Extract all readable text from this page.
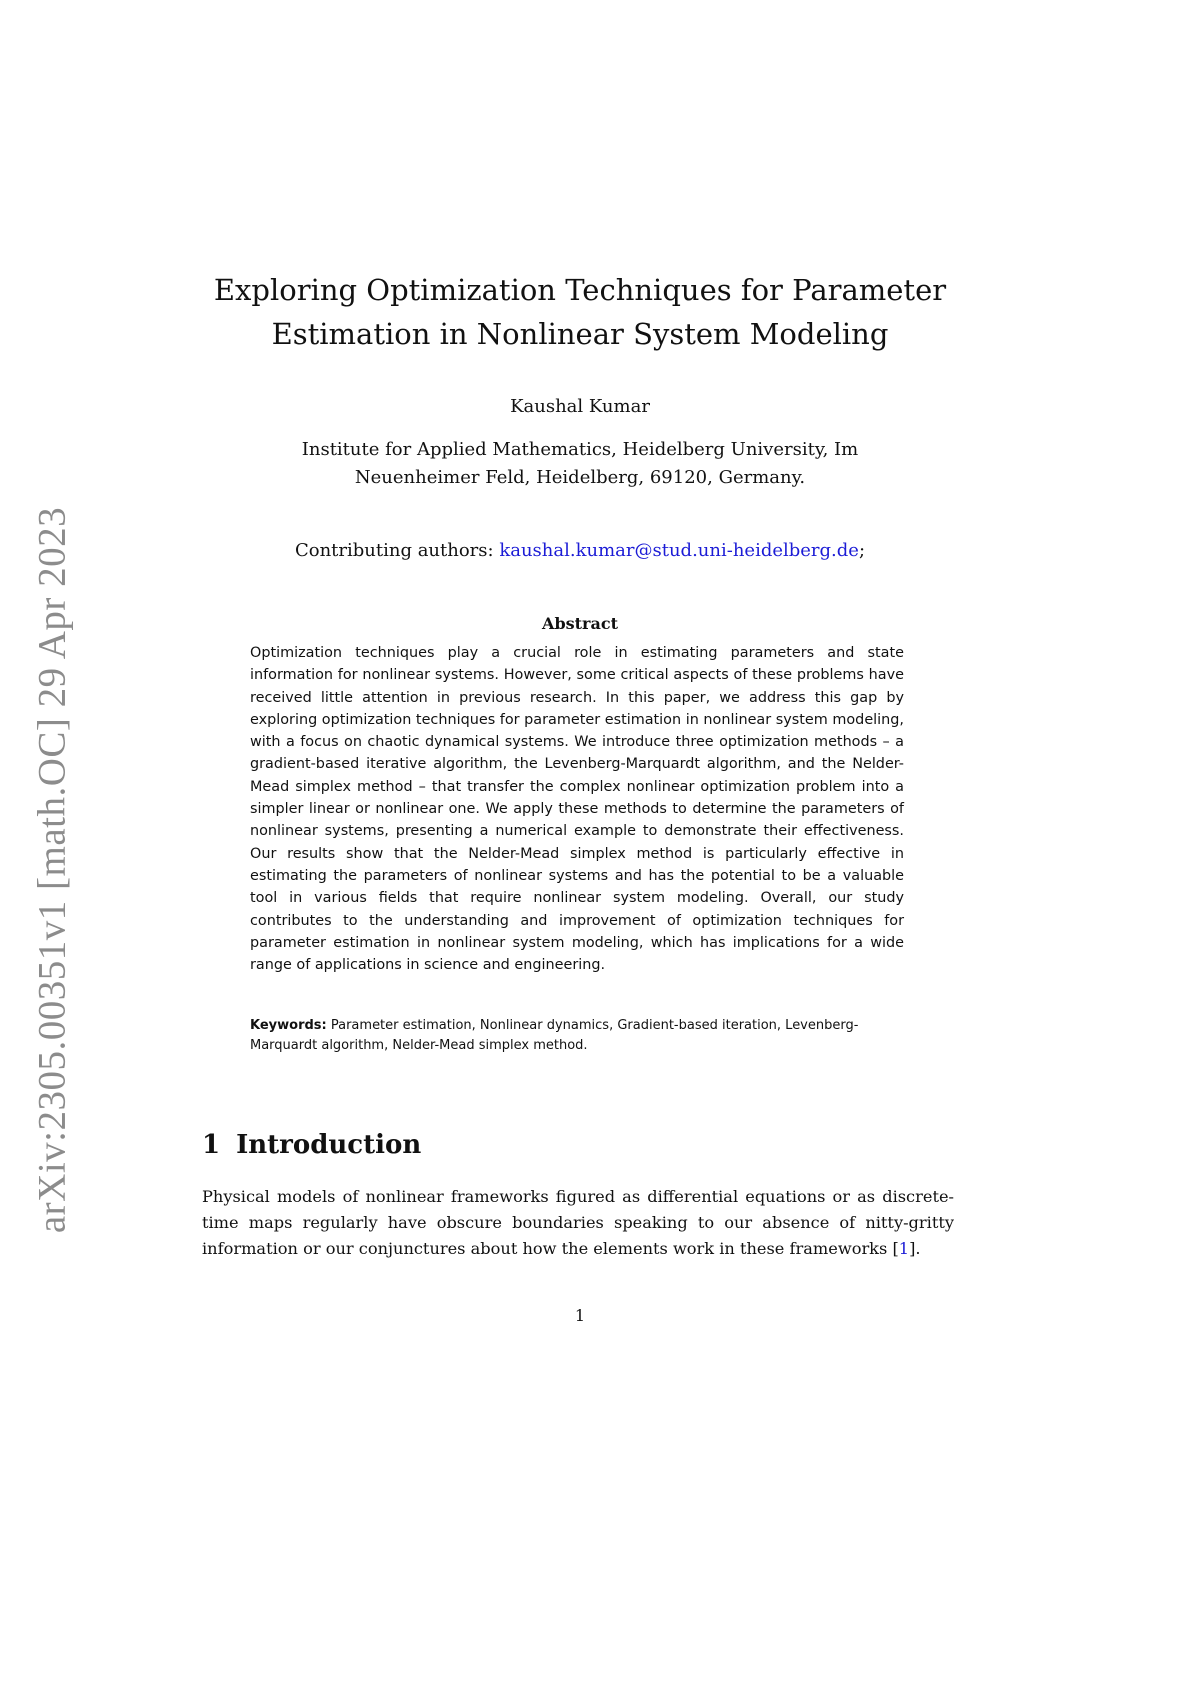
arXiv:2305.00351v1 [math.OC] 29 Apr 2023
Exploring Optimization Techniques for Parameter
Estimation in Nonlinear System Modeling
Kaushal Kumar
Institute for Applied Mathematics, Heidelberg University, Im
Neuenheimer Feld, Heidelberg, 69120, Germany.
Contributing authors: kaushal.kumar@stud.uni-heidelberg.de;
Abstract
Optimization techniques play a crucial role in estimating parameters and state information for nonlinear systems. However, some critical aspects of these problems have received little attention in previous research. In this paper, we address this gap by exploring optimization techniques for parameter estimation in nonlinear system modeling, with a focus on chaotic dynamical systems. We introduce three optimization methods – a gradient-based iterative algorithm, the Levenberg-Marquardt algorithm, and the Nelder-Mead simplex method – that transfer the complex nonlinear optimization problem into a simpler linear or nonlinear one. We apply these methods to determine the parameters of nonlinear systems, presenting a numerical example to demonstrate their effectiveness. Our results show that the Nelder-Mead simplex method is particularly effective in estimating the parameters of nonlinear systems and has the potential to be a valuable tool in various fields that require nonlinear system modeling. Overall, our study contributes to the understanding and improvement of optimization techniques for parameter estimation in nonlinear system modeling, which has implications for a wide range of applications in science and engineering.
Keywords: Parameter estimation, Nonlinear dynamics, Gradient-based iteration, Levenberg-Marquardt algorithm, Nelder-Mead simplex method.
1 Introduction
Physical models of nonlinear frameworks figured as differential equations or as discrete-time maps regularly have obscure boundaries speaking to our absence of nitty-gritty information or our conjunctures about how the elements work in these frameworks [1].
1
